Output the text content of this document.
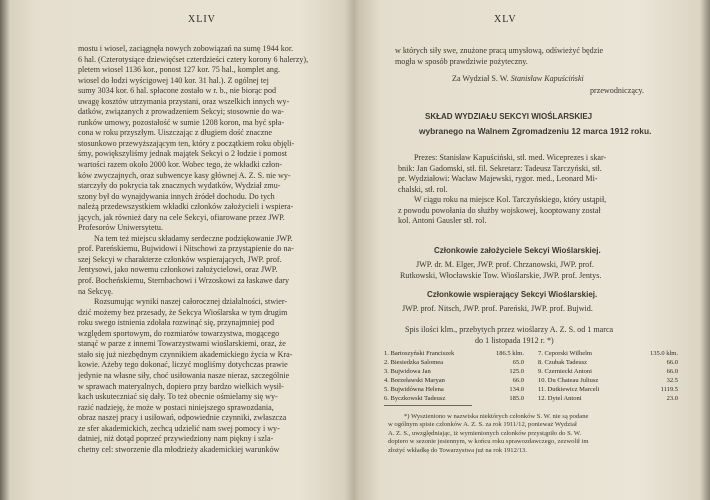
XLIV
mostu i wiosel, zaciągnęła nowych zobowiązań na sumę 1944 kor.
6 hal. (Czterotysiące dziewięćset czterdzieści cztery korony 6 halerzy),
pletem wiosel 1136 kor., ponost 127 kor. 75 hal., komplet ang.
wiosel do łodzi wyścigowej 140 kor. 31 hal.). Z ogólnej tej
sumy 3034 kor. 6 hal. spłacone zostało w r. b., nie biorąc pod
uwagę kosztów utrzymania przystani, oraz wszelkich innych wy-
datków, związanych z prowadzeniem Sekcyi; stosownie do wa-
runków umowy, pozostałość w sumie 1208 koron, ma być spła-
cona w roku przyszłym. Uiszczając z długiem dość znaczne
stosunkowo przewyższającym ten, który z początkiem roku objęli-
śmy, powiększyliśmy jednak majątek Sekcyi o 2 łodzie i pomost
wartości razem około 2000 kor. Wobec tego, że wkładki człon-
ków zwyczajnych, oraz subwencye kasy głównej A. Z. S. nie wy-
starczyły do pokrycia tak znacznych wydatków, Wydział zmu-
szony był do wynajdywania innych źródeł dochodu. Do tych
należą przedewszystkiem wkładki członków założycieli i wspiera-
jących, jak również dary na cele Sekcyi, ofiarowane przez JWP.
Profesorów Uniwersytetu.
Na tem też miejscu składamy serdeczne podziękowanie JWP.
prof. Pareńskiemu, Bujwidowi i Nitschowi za przystąpienie do na-
szej Sekcyi w charakterze członków wspierających, JWP. prof.
Jentysowi, jako nowemu członkowi założycielowi, oraz JWP.
prof. Bocheńskiemu, Sternbachowi i Wrzoskowi za łaskawe dary
na Sekcyę.
Rozsumując wyniki naszej całorocznej działalności, stwier-
dzić możemy bez przesady, że Sekcya Wioślarska w tym drugim
roku swego istnienia zdołała rozwinąć się, przynajmniej pod
względem sportowym, do rozmiarów towarzystwa, mogącego
stanąć w parze z innemi Towarzystwami wioślarskiemi, oraz, że
stało się już niezbędnym czynnikiem akademickiego życia w Kra-
kowie. Ażeby tego dokonać, liczyć mogliśmy dotychczas prawie
jedynie na własne siły, choć usiłowania nasze nieraz, szczególnie
w sprawach materyalnych, dopiero przy bardzo wielkich wysił-
kach uskuteczniać się dały. To też obecnie ośmielamy się wy-
razić nadzieję, że może w postaci niniejszego sprawozdania,
obraz naszej pracy i usiłowań, odpowiednie czynniki, zwłaszcza
ze sfer akademickich, zechcą udzielić nam swej pomocy i wy-
datniej, niż dotąd poprzeć przywiedziony nam piękny i szla-
chetny cel: stworzenie dla młodzieży akademickiej warunków
XLV
w których siły swe, znużone pracą umysłową, odświeżyć będzie
mogła w sposób prawdziwie pożyteczny.
Za Wydział S. W. Stanisław Kapuściński
przewodniczący.
SKŁAD WYDZIAŁU SEKCYI WIOŚLARSKIEJ
wybranego na Walnem Zgromadzeniu 12 marca 1912 roku.
Prezes: Stanisław Kapuściński, stł. med. Wiceprezes i skar-
bnik: Jan Gadomski, stł. fil. Sekretarz: Tadeusz Tarczyński, stł.
pr. Wydziałowi: Wacław Majewski, rygor. med., Leonard Mi-
chalski, stł. rol.
W ciągu roku na miejsce Kol. Tarczyńskiego, który ustąpił,
z powodu powołania do służby wojskowej, kooptowany został
kol. Antoni Gausler stł. rol.
Członkowie założyciele Sekcyi Wioślarskiej.
JWP. dr. M. Elger, JWP. prof. Chrzanowski, JWP. prof.
Rutkowski, Włocławskie Tow. Wioślarskie, JWP. prof. Jentys.
Członkowie wspierający Sekcyi Wioślarskiej.
JWP. prof. Nitsch, JWP. prof. Pareński, JWP. prof. Bujwid.
Spis ilości klm., przebytych przez wioślarzy A. Z. S. od 1 marca
do 1 listopada 1912 r. *)
1. Bartoszyński Franciszek	186.5 klm.
2. Biesiedzka Salomea	65.0
3. Bujwidowa Jan	125.0
4. Borzeławski Maryan	66.0
5. Bujwidówna Helena	134.0
6. Byczkowski Tadeusz	185.0
7. Ceporski Wilhelm	135.0 klm.
8. Czubak Tadeusz	66.0
9. Czerniecki Antoni	66.0
10. Du Chateau Juliusz	32.5
11. Dutkiewicz Marceli	1119.5
12. Dytel Antoni	23.0
*) Wyszieniono w nazwiska niektórych członków S. W. nie są podane
w ogólnym spisie członków A. Z. S. za rok 1911/12, ponieważ Wydział
A. Z. S., uwzględniając, iż wymienionych członków przystąpiło do S. W.
dopiero w sezonie jesiennym, w końcu roku sprawozdawczego, zezwolił im
złożyć wkładkę do Towarzystwa już na rok 1912/13.
